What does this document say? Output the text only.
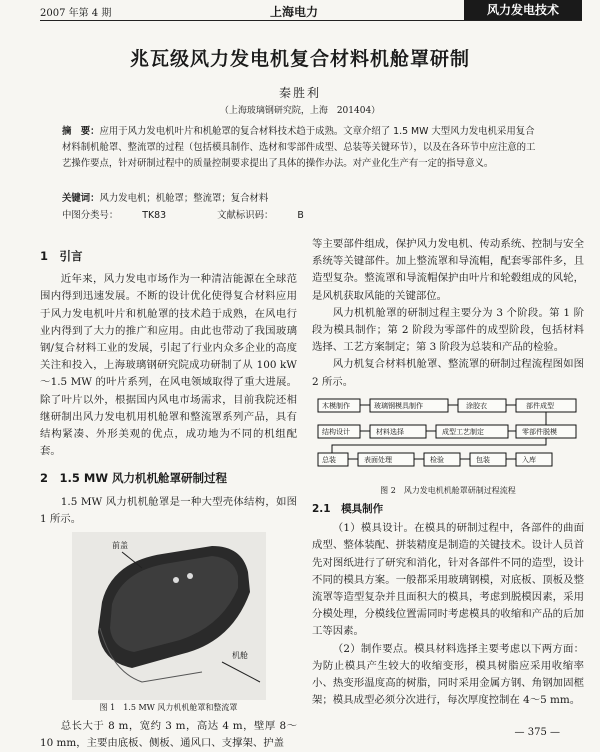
2007 年第 4 期	上海电力	风力发电技术
兆瓦级风力发电机复合材料机舱罩研制
秦胜利
（上海玻璃钢研究院，上海　201404）
摘　要：应用于风力发电机叶片和机舱罩的复合材料技术趋于成熟。文章介绍了 1.5 MW 大型风力发电机采用复合材料制机舱罩、整流罩的过程（包括模具制作、选材和零部件成型、总装等关键环节），以及在各环节中应注意的工艺操作要点，针对研制过程中的质量控制要求提出了具体的操作办法。对产业化生产有一定的指导意义。
关键词：风力发电机；机舱罩；整流罩；复合材料
中图分类号：	TK83	文献标识码：	B
1　引言

近年来，风力发电市场作为一种清洁能源在全球范围内得到迅速发展。不断的设计优化使得复合材料应用于风力发电机叶片和机舱罩的技术趋于成熟，在风电行业内得到了大力的推广和应用。由此也带动了我国玻璃钢/复合材料工业的发展，引起了行业内众多企业的高度关注和投入，上海玻璃钢研究院成功研制了从 100 kW～1.5 MW 的叶片系列，在风电领域取得了重大进展。除了叶片以外，根据国内风电市场需求，目前我院还相继研制出风力发电机用机舱罩和整流罩系列产品，具有结构紧凑、外形美观的优点，成功地为不同的机组配套。

2　1.5 MW 风力机机舱罩研制过程

1.5 MW 风力机机舱罩是一种大型壳体结构，如图 1 所示。

前盖
机舱
图 1　1.5 MW 风力机机舱罩和整流罩

总长大于 8 m，宽约 3 m，高达 4 m，壁厚 8～10 mm，主要由底板、侧板、通风口、支撑架、护盖

等主要部件组成，保护风力发电机、传动系统、控制与安全系统等关键部件。加上整流罩和导流帽，配套零部件多，且造型复杂。整流罩和导流帽保护由叶片和轮毂组成的风轮，是风机获取风能的关键部位。

风力机机舱罩的研制过程主要分为 3 个阶段。第 1 阶段为模具制作；第 2 阶段为零部件的成型阶段，包括材料选择、工艺方案制定；第 3 阶段为总装和产品的检验。

风力机复合材料机舱罩、整流罩的研制过程流程图如图 2 所示。

木模制作	玻璃钢模具制作	涂胶衣	部件成型
结构设计	材料选择	成型工艺制定	零部件脱模
总装	表面处理	检验	包装	入库
图 2　风力发电机机舱罩研制过程流程
2.1　模具制作

（1）模具设计。在模具的研制过程中，各部件的曲面成型、整体装配、拼装精度是制造的关键技术。设计人员首先对图纸进行了研究和消化，针对各部件不同的造型，设计不同的模具方案。一般都采用玻璃钢模，对底板、顶板及整流罩等造型复杂并且面积大的模具，考虑到脱模因素，采用分模处理，分模线位置需同时考虑模具的收缩和产品的后加工等因素。

（2）制作要点。模具材料选择主要考虑以下两方面：为防止模具产生较大的收缩变形，模具树脂应采用收缩率小、热变形温度高的树脂，同时采用金属方钢、角钢加固框架；模具成型必须分次进行，每次厚度控制在 4～5 mm。

— 375 —
